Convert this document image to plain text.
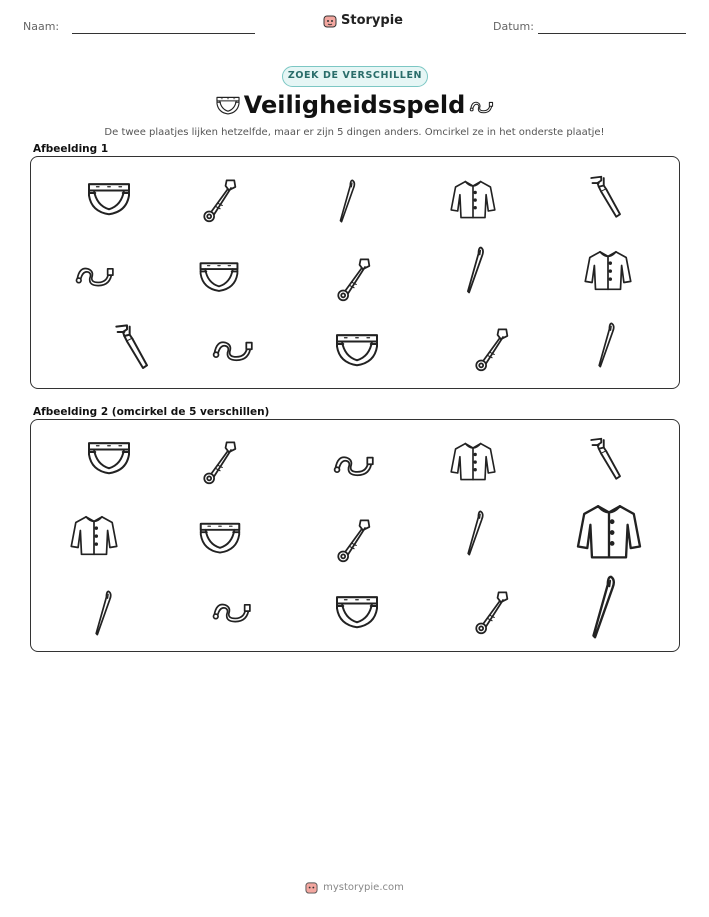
Naam:	Storypie	Datum:
ZOEK DE VERSCHILLEN
Veiligheidsspeld
De twee plaatjes lijken hetzelfde, maar er zijn 5 dingen anders. Omcirkel ze in het onderste plaatje!
Afbeelding 1
Afbeelding 2 (omcirkel de 5 verschillen)
mystorypie.com
